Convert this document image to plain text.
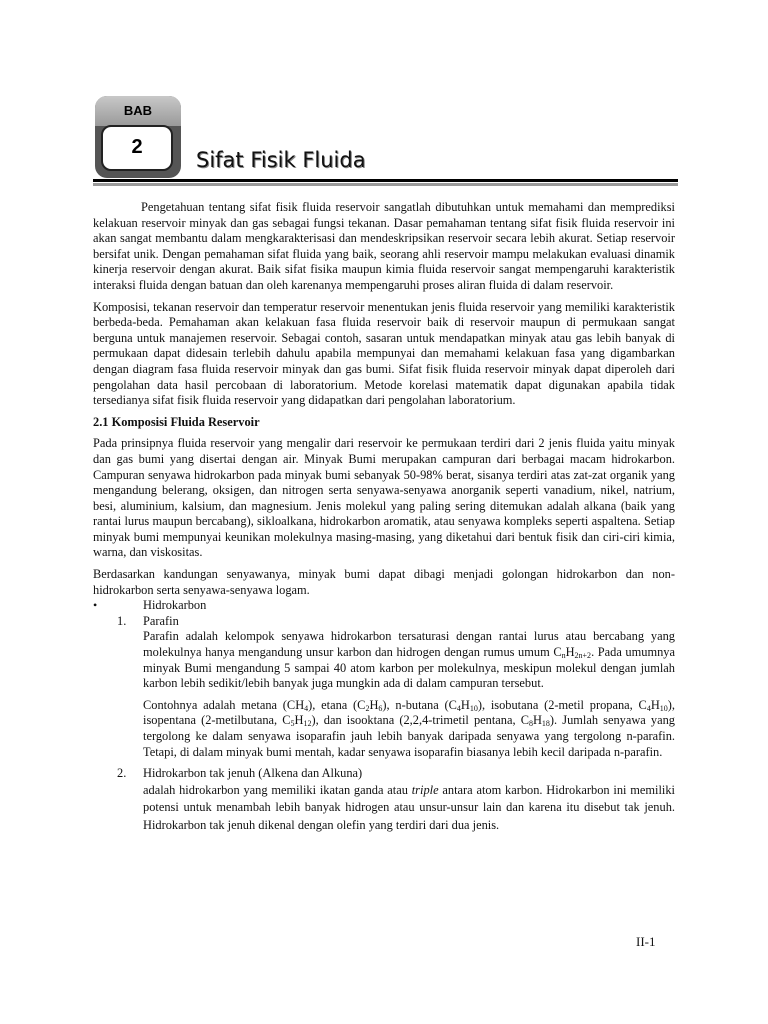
BAB
2
Sifat Fisik Fluida

Pengetahuan tentang sifat fisik fluida reservoir sangatlah dibutuhkan untuk memahami dan memprediksi kelakuan reservoir minyak dan gas sebagai fungsi tekanan. Dasar pemahaman tentang sifat fisik fluida reservoir ini akan sangat membantu dalam mengkarakterisasi dan mendeskripsikan reservoir secara lebih akurat. Setiap reservoir bersifat unik. Dengan pemahaman sifat fluida yang baik, seorang ahli reservoir mampu melakukan evaluasi dinamik kinerja reservoir dengan akurat. Baik sifat fisika maupun kimia fluida reservoir sangat mempengaruhi karakteristik interaksi fluida dengan batuan dan oleh karenanya mempengaruhi proses aliran fluida di dalam reservoir.

Komposisi, tekanan reservoir dan temperatur reservoir menentukan jenis fluida reservoir yang memiliki karakteristik berbeda-beda. Pemahaman akan kelakuan fasa fluida reservoir baik di reservoir maupun di permukaan sangat berguna untuk manajemen reservoir. Sebagai contoh, sasaran untuk mendapatkan minyak atau gas lebih banyak di permukaan dapat didesain terlebih dahulu apabila mempunyai dan memahami kelakuan fasa yang digambarkan dengan diagram fasa fluida reservoir minyak dan gas bumi. Sifat fisik fluida reservoir minyak dapat diperoleh dari pengolahan data hasil percobaan di laboratorium. Metode korelasi matematik dapat digunakan apabila tidak tersedianya sifat fisik fluida reservoir yang didapatkan dari pengolahan laboratorium.

2.1 Komposisi Fluida Reservoir

Pada prinsipnya fluida reservoir yang mengalir dari reservoir ke permukaan terdiri dari 2 jenis fluida yaitu minyak dan gas bumi yang disertai dengan air. Minyak Bumi merupakan campuran dari berbagai macam hidrokarbon. Campuran senyawa hidrokarbon pada minyak bumi sebanyak 50-98% berat, sisanya terdiri atas zat-zat organik yang mengandung belerang, oksigen, dan nitrogen serta senyawa-senyawa anorganik seperti vanadium, nikel, natrium, besi, aluminium, kalsium, dan magnesium. Jenis molekul yang paling sering ditemukan adalah alkana (baik yang rantai lurus maupun bercabang), sikloalkana, hidrokarbon aromatik, atau senyawa kompleks seperti aspaltena. Setiap minyak bumi mempunyai keunikan molekulnya masing-masing, yang diketahui dari bentuk fisik dan ciri-ciri kimia, warna, dan viskositas.

Berdasarkan kandungan senyawanya, minyak bumi dapat dibagi menjadi golongan hidrokarbon dan non-hidrokarbon serta senyawa-senyawa logam.

•	Hidrokarbon
1. Parafin

Parafin adalah kelompok senyawa hidrokarbon tersaturasi dengan rantai lurus atau bercabang yang molekulnya hanya mengandung unsur karbon dan hidrogen dengan rumus umum $C_nH_{2n+2}$. Pada umumnya minyak Bumi mengandung 5 sampai 40 atom karbon per molekulnya, meskipun molekul dengan jumlah karbon lebih sedikit/lebih banyak juga mungkin ada di dalam campuran tersebut.

Contohnya adalah metana $(CH_4)$, etana $(C_2H_6)$, n-butana $(C_4H_{10})$, isobutana (2-metil propana, $C_4H_{10}$), isopentana (2-metilbutana, $C_5H_{12}$), dan isooktana (2,2,4-trimetil pentana, $C_8H_{18}$). Jumlah senyawa yang tergolong ke dalam senyawa isoparafin jauh lebih banyak daripada senyawa yang tergolong n-parafin. Tetapi, di dalam minyak bumi mentah, kadar senyawa isoparafin biasanya lebih kecil daripada n-parafin.

2. Hidrokarbon tak jenuh (Alkena dan Alkuna)

adalah hidrokarbon yang memiliki ikatan ganda atau triple antara atom karbon. Hidrokarbon ini memiliki potensi untuk menambah lebih banyak hidrogen atau unsur-unsur lain dan karena itu disebut tak jenuh. Hidrokarbon tak jenuh dikenal dengan olefin yang terdiri dari dua jenis.

II-1
